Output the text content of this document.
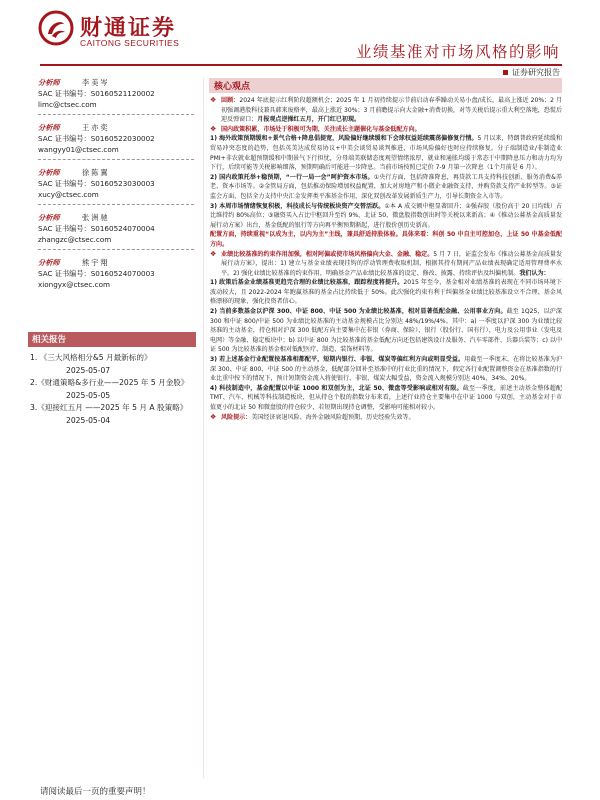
财通证券
CAITONG SECURITIES	业绩基准对市场风格的影响
证券研究报告
分析师	李美岑
SAC 证书编号：S0160521120002
limc@ctsec.com
分析师	王亦奕
SAC 证书编号：S0160522030002
wangyy01@ctsec.com
分析师	徐陈翼
SAC 证书编号：S0160523030003
xucy@ctsec.com
分析师	张洲驰
SAC 证书编号：S0160524070004
zhangzc@ctsec.com
分析师	熊宇翔
SAC 证书编号：S0160524070003
xiongyx@ctsec.com
相关报告
1. 《三大风格相分&5 月最新标的》
2025-05-07
2.《财通策略&多行业——2025 年 5 月金股》
2025-05-05
3.《迎接红五月 ——2025 年 5 月 A 股策略》
2025-05-04
核心观点

❖ 回顾：2024 年底提示红利阶段超额机会；2025 年 1 月初持续提示节前启动春季躁动关易小盘/成长，最高上涨近 20%；2 月初强调港股科技兼具韩来废格率，最高上涨近 30%；3 月前瞻提示向大金融+消费切换，对等关税后提示重大利空落地，恐慌后迎反弹窗口；月报观点逆操红五月，开门红已初现。

❖ 国内政策积累，市场处于积极可为期，关注成长主题催化与基金低配方向。

1) 海外政策预期缓和+景气合格+降息倡提宽，风险偏好继续缓和下会球权益延续震荡偏修复行情。5 月以来，特朗普政府延续缓和贸易冲突态度的趋势，包括英美达成贸易协议+中美会谈贸易谈判推进，市场风险偏好也时应持续修复。分子端制造业/非制造业 PMI+非农就业超预期缓和中期景气下行担忧，分母端美联储态度观望情绪浓厚，就业和通胀均缓于常态于中期降息压力和动力均为下行，后续可能等关税影响细落，预期明确后可能进一步降息。当前市场按照已定价 7-9 月第一次降息（1个月前是 6 月）。

2) 国内政策托举+稳预期，“一行一局一会”呵护资本市场。①央行方面，包括降准降息，再贷款工具支持科技创新、服务消费&养老、资本市场等。②金管局方面，包括推动保险增加权益配置，加大对房地产和小微企业融资支持，并购贷款支持产业转型等。③证监会方面，包括全力支持中央汇金发挥类平准基金作用，深化双创改革发展新质生产力，引导长期资金入市等。

3) 本周市场情绪恢复积极，科技成长与传统板块资产交替活跃。①本 A 成交额中枢显著回升；②强春胶（股份高于 20 日均线）占比维持约 80%高位；③融资买入占比中枢回升至约 9%，北证 50、微盘股指数创出时等关税以来新高；④《推动公募基金高质量发展行动方案》出台，基金低配的银行等方向再平衡预期渐起，进行股价创历史新高。

配置方面，持续重视“以成为主，以内为主”主线，兼具舒适持股体验。具体来看：科创 50 中自主可控加仓，上证 50 中基金低配方向。

❖ 业绩比较基准的约束作用加强，相对阿偏或使市场风格偏向大金、金融、稳定。5 月 7 日，证监会发布《推动公募基金高质量发展行动方案》，提出：1) 建立与基金业绩表现挂钩的浮动管理费收取机制，根据其持有期间产品业绩表现确定适用管理费率水平。2) 强化业绩比较基准的约束作用，明确基金产品业绩比较基准的设定、修改、披露、持续评估及纠偏机制。我们认为：

1) 政策后基金业绩基准更趋完合理的业绩比较基准，跟踪程度将提升。2015 年至今，基金相对业绩基准的表现在不同市场环境下波动较大，且 2022-2024 年跑赢基准的基金占比持续低于 50%。此次强化约束有利于纠偏基金业绩比较基准设立不合理、基金风格漂移的现象，强化投资者信心。

2) 当前多数基金以沪深 300、中证 800、中证 500 为业绩比较基准，相对显著低配金融、公用事业方向。截至 1Q25，以沪深 300 和中证 800/中证 500 为业绩比较基准的主动基金规模占比分别达 48%/19%/4%。其中：a) 一季度以沪深 300 为业绩比较基准的主动基金，持仓相对沪深 300 低配方向主要集中在非银（券商、保险）、银行（股份行、国有行）、电力及公用事业（发电及电网）等金融、稳定板块中；b) 以中证 800 为比较基准的基金低配方向还包括建筑设计及服务、汽车零部件、兵器兵装等；c) 以中证 500 为比较基准的基金相对低配医疗、制造、装饰材料等。

3) 若上述基金行业配置按基准相都配平，短期内银行、非银、煤炭等偏红利方向或明显受益。用截至一季度末，在将比较基准为沪深 300、中证 800、中证 500 的主动基金，低配部分回补至基准中的行业比重的情况下，假定各行业配置调整资金在基准指数的行业比重中按下的情况下，预计短期资金流入将使银行、非银、煤炭大幅受益，资金流入规模分别达 40%、34%、20%。

4) 科技制造中，基金配置以中证 1000 和双创为主，北证 50、微盘等受影响或相对有限。截至一季度，前述主动基金整体超配 TMT、汽车、机械等科技制造板块，但从持仓个股的指数分布来看，上述行业持仓主要集中在中证 1000 与双创，主动基金对于市值更小的北证 50 和微盘股的持仓较少，若短期出现持仓调整，受影响可能相对较小。

❖ 风险提示：美国经济衰退风险、海外金融风险超预期、历史经验失效等。

请阅读最后一页的重要声明！
